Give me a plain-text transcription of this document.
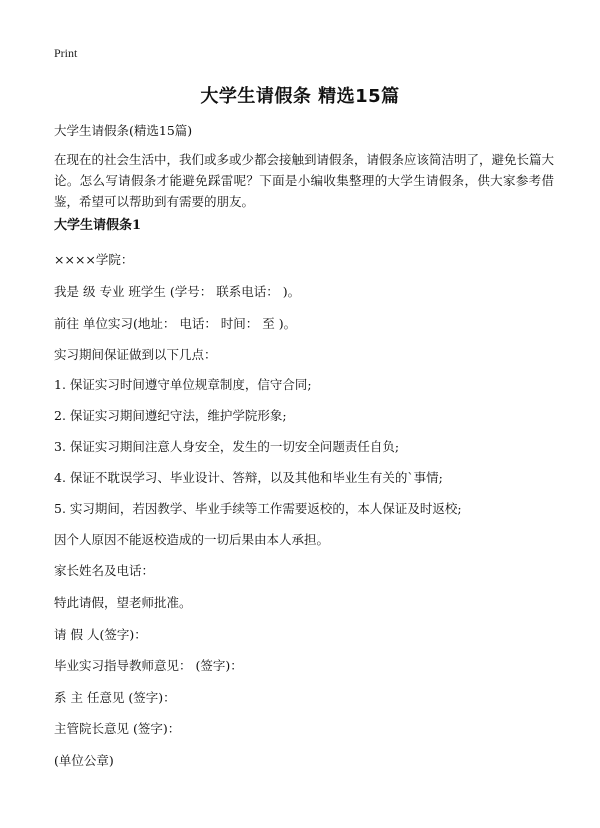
Print
大学生请假条 精选15篇
大学生请假条(精选15篇)
在现在的社会生活中，我们或多或少都会接触到请假条，请假条应该简洁明了，避免长篇大论。怎么写请假条才能避免踩雷呢？下面是小编收集整理的大学生请假条，供大家参考借鉴，希望可以帮助到有需要的朋友。
大学生请假条1
××××学院：
我是 级 专业 班学生 (学号： 联系电话： )。
前往 单位实习(地址： 电话： 时间： 至 )。
实习期间保证做到以下几点：
1. 保证实习时间遵守单位规章制度，信守合同;
2. 保证实习期间遵纪守法，维护学院形象;
3. 保证实习期间注意人身安全，发生的一切安全问题责任自负;
4. 保证不耽误学习、毕业设计、答辩，以及其他和毕业生有关的`事情;
5. 实习期间，若因教学、毕业手续等工作需要返校的，本人保证及时返校;
因个人原因不能返校造成的一切后果由本人承担。
家长姓名及电话：
特此请假，望老师批准。
请 假 人(签字)：
毕业实习指导教师意见： (签字)：
系 主 任意见 (签字)：
主管院长意见 (签字)：
(单位公章)
